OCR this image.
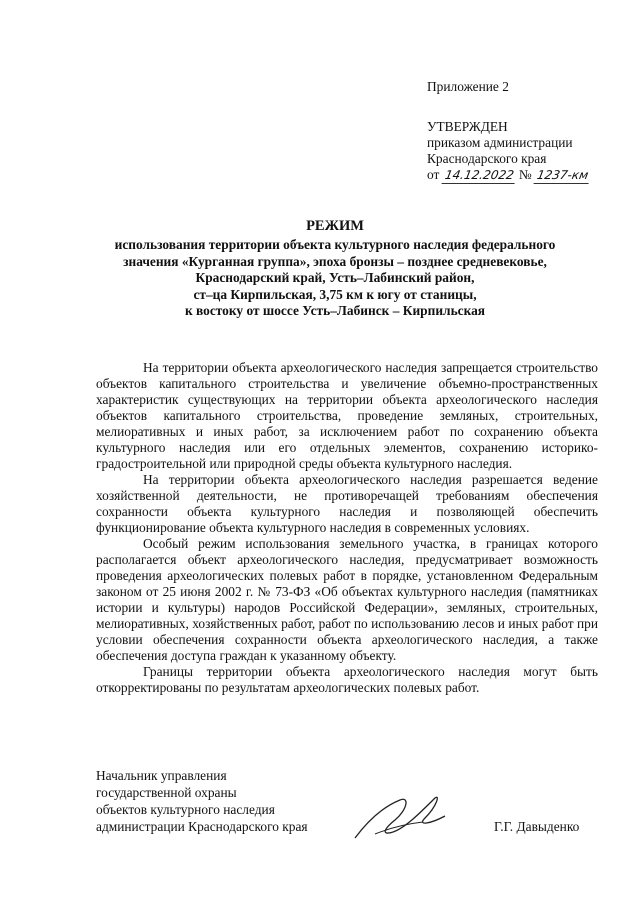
Приложение 2
УТВЕРЖДЕН
приказом администрации
Краснодарского края
от 14.12.2022 № 1237-км
РЕЖИМ
использования территории объекта культурного наследия федерального
значения «Курганная группа», эпоха бронзы – позднее средневековье,
Краснодарский край, Усть–Лабинский район,
ст–ца Кирпильская, 3,75 км к югу от станицы,
к востоку от шоссе Усть–Лабинск – Кирпильская

На территории объекта археологического наследия запрещается строительство объектов капитального строительства и увеличение объемно-пространственных характеристик существующих на территории объекта археологического наследия объектов капитального строительства, проведение земляных, строительных, мелиоративных и иных работ, за исключением работ по сохранению объекта культурного наследия или его отдельных элементов, сохранению историко-градостроительной или природной среды объекта культурного наследия.

На территории объекта археологического наследия разрешается ведение хозяйственной деятельности, не противоречащей требованиям обеспечения сохранности объекта культурного наследия и позволяющей обеспечить функционирование объекта культурного наследия в современных условиях.

Особый режим использования земельного участка, в границах которого располагается объект археологического наследия, предусматривает возможность проведения археологических полевых работ в порядке, установленном Федеральным законом от 25 июня 2002 г. № 73-ФЗ «Об объектах культурного наследия (памятниках истории и культуры) народов Российской Федерации», земляных, строительных, мелиоративных, хозяйственных работ, работ по использованию лесов и иных работ при условии обеспечения сохранности объекта археологического наследия, а также обеспечения доступа граждан к указанному объекту.

Границы территории объекта археологического наследия могут быть откорректированы по результатам археологических полевых работ.

Начальник управления
государственной охраны
объектов культурного наследия
администрации Краснодарского края	Г.Г. Давыденко
